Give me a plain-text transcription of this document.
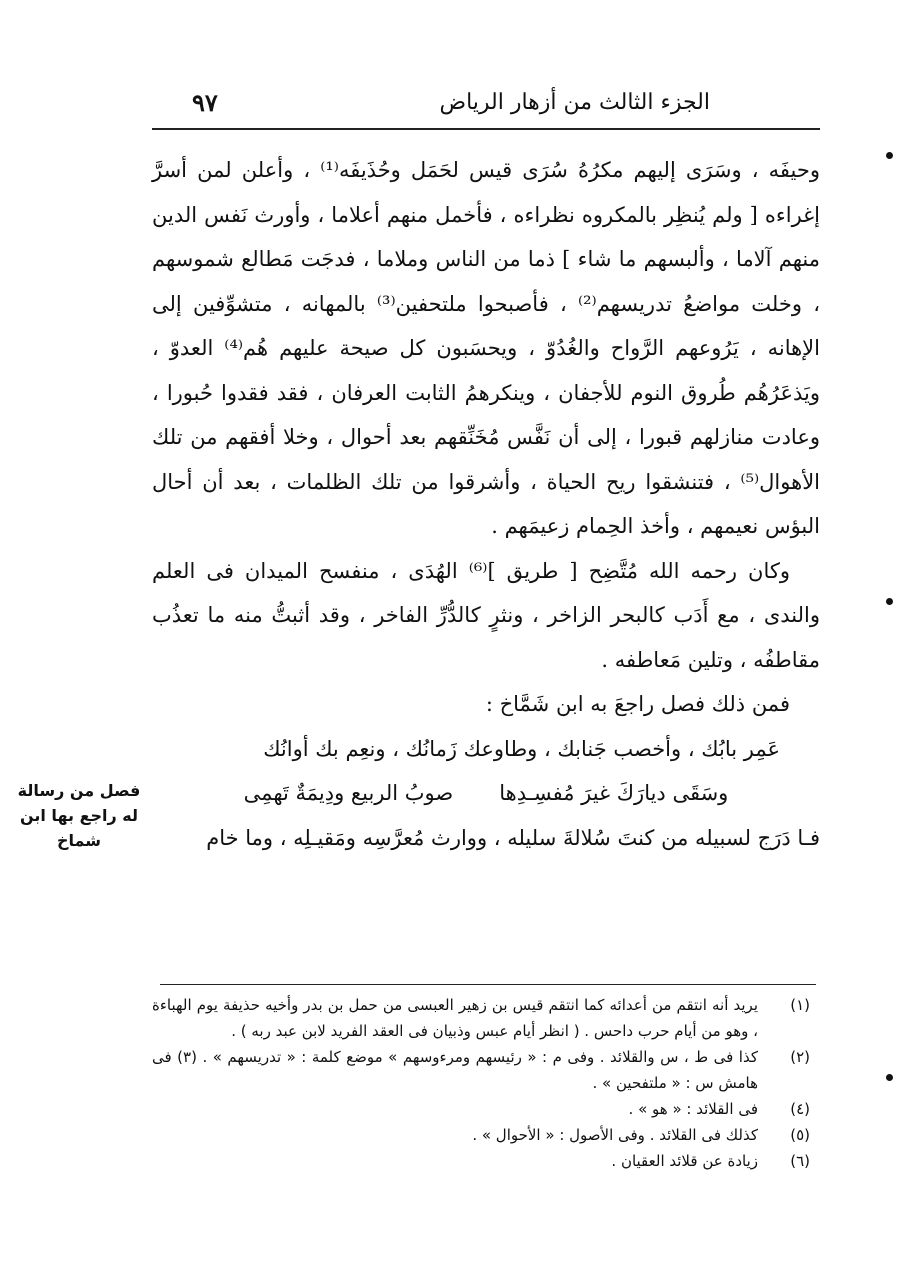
الجزء الثالث من أزهار الرياض
٩٧

وحيفَه ، وسَرَى إليهم مكرُهُ سُرَى قيس لحَمَل وحُذَيفَه⁽¹⁾ ، وأعلن لمن أسرَّ إغراءه [ ولم يُنظِر بالمكروه نظراءه ، فأخمل منهم أعلاما ، وأورث نَفس الدين منهم آلاما ، وألبسهم ما شاء ] ذما من الناس وملاما ، فدجَت مَطالع شموسهم ، وخلت مواضعُ تدريسهم⁽²⁾ ، فأصبحوا ملتحفين⁽³⁾ بالمهانه ، متشوِّفين إلى الإهانه ، يَرُوعهم الرَّواح والغُدُوّ ، ويحسَبون كل صيحة عليهم هُم⁽⁴⁾ العدوّ ، ويَذعَرُهُم طُروق النوم للأجفان ، وينكرهمُ الثابت العرفان ، فقد فقدوا حُبورا ، وعادت منازلهم قبورا ، إلى أن نَفَّس مُخَنِّقهم بعد أحوال ، وخلا أفقهم من تلك الأهوال⁽⁵⁾ ، فتنشقوا ريح الحياة ، وأشرقوا من تلك الظلمات ، بعد أن أحال البؤس نعيمهم ، وأخذ الحِمام زعيمَهم .

وكان رحمه الله مُتَّضِح [ طريق ]⁽⁶⁾ الهُدَى ، منفسح الميدان فى العلم والندى ، مع أَدَب كالبحر الزاخر ، ونثرٍ كالدُّرِّ الفاخر ، وقد أثبتُّ منه ما تعذُب مقاطفُه ، وتلين مَعاطفه .

فمن ذلك فصل راجعَ به ابن شَمَّاخ :

عَمِر بابُك ، وأخصب جَنابك ، وطاوعك زَمانُك ، ونعِم بك أوانُك
وسَقَى ديارَكَ غيرَ مُفسِـدِها
صوبُ الربيع ودِيمَةٌ تَهمِى

فـا دَرَج لسبيله من كنتَ سُلالةَ سليله ، ووارث مُعرَّسِه ومَقيـلِه ، وما خام

فصل من رسالة
له راجع بها ابن
شماخ
(١)
يريد أنه انتقم من أعدائه كما انتقم قيس بن زهير العبسى من حمل بن بدر وأخيه حذيفة يوم الهباءة ، وهو من أيام حرب داحس . ( انظر أيام عبس وذبيان فى العقد الفريد لابن عبد ربه ) .
(٢)
كذا فى ط ، س والقلائد . وفى م : « رئيسهم ومرءوسهم » موضع كلمة : « تدريسهم » . (٣) فى هامش س : « ملتفحين » .
(٤)
فى القلائد : « هو » .
(٥)
كذلك فى القلائد . وفى الأصول : « الأحوال » .
(٦)
زيادة عن قلائد العقيان .
